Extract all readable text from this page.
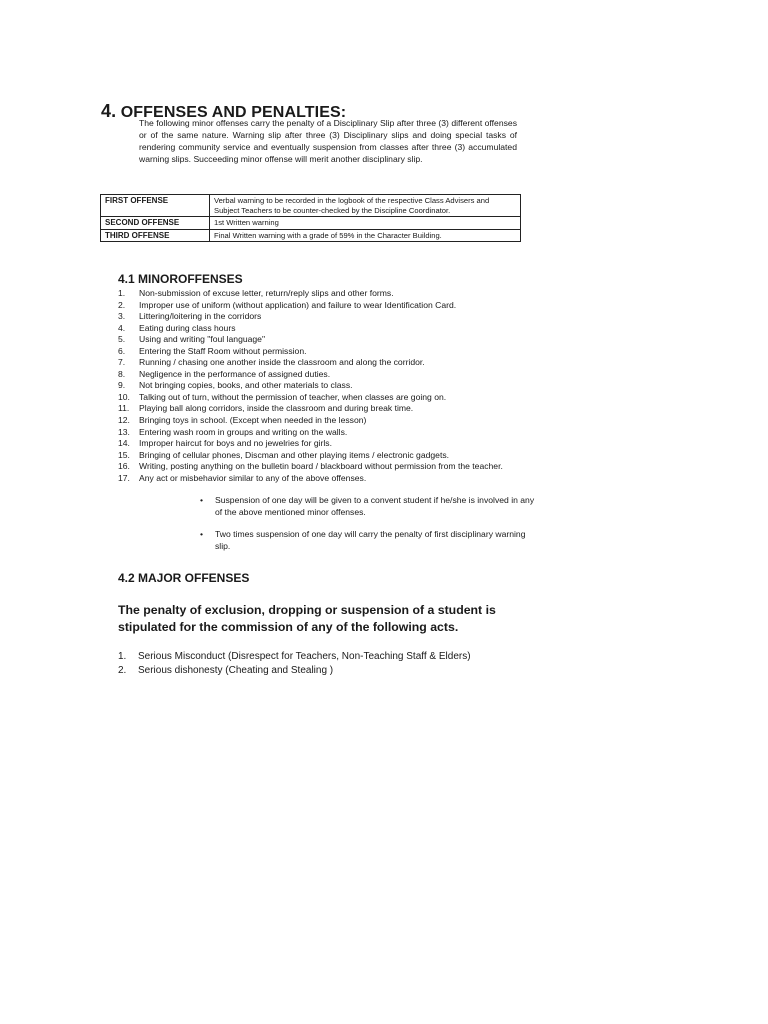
4. OFFENSES AND PENALTIES:
The following minor offenses carry the penalty of a Disciplinary Slip after three (3) different offenses or of the same nature. Warning slip after three (3) Disciplinary slips and doing special tasks of rendering community service and eventually suspension from classes after three (3) accumulated warning slips. Succeeding minor offense will merit another disciplinary slip.
FIRST OFFENSE	Verbal warning to be recorded in the logbook of the respective Class Advisers and Subject Teachers to be counter-checked by the Discipline Coordinator.
SECOND OFFENSE	1st Written warning
THIRD OFFENSE	Final Written warning with a grade of 59% in the Character Building.
4.1 MINOROFFENSES
1. Non-submission of excuse letter, return/reply slips and other forms.
2. Improper use of uniform (without application) and failure to wear Identification Card.
3. Littering/loitering in the corridors
4. Eating during class hours
5. Using and writing "foul language"
6. Entering the Staff Room without permission.
7. Running / chasing one another inside the classroom and along the corridor.
8. Negligence in the performance of assigned duties.
9. Not bringing copies, books, and other materials to class.
10. Talking out of turn, without the permission of teacher, when classes are going on.
11. Playing ball along corridors, inside the classroom and during break time.
12. Bringing toys in school. (Except when needed in the lesson)
13. Entering wash room in groups and writing on the walls.
14. Improper haircut for boys and no jewelries for girls.
15. Bringing of cellular phones, Discman and other playing items / electronic gadgets.
16. Writing, posting anything on the bulletin board / blackboard without permission from the teacher.
17. Any act or misbehavior similar to any of the above offenses.
• Suspension of one day will be given to a convent student if he/she is involved in any of the above mentioned minor offenses.
• Two times suspension of one day will carry the penalty of first disciplinary warning slip.
4.2 MAJOR OFFENSES
The penalty of exclusion, dropping or suspension of a student is stipulated for the commission of any of the following acts.
1. Serious Misconduct (Disrespect for Teachers, Non-Teaching Staff & Elders)
2. Serious dishonesty (Cheating and Stealing )
